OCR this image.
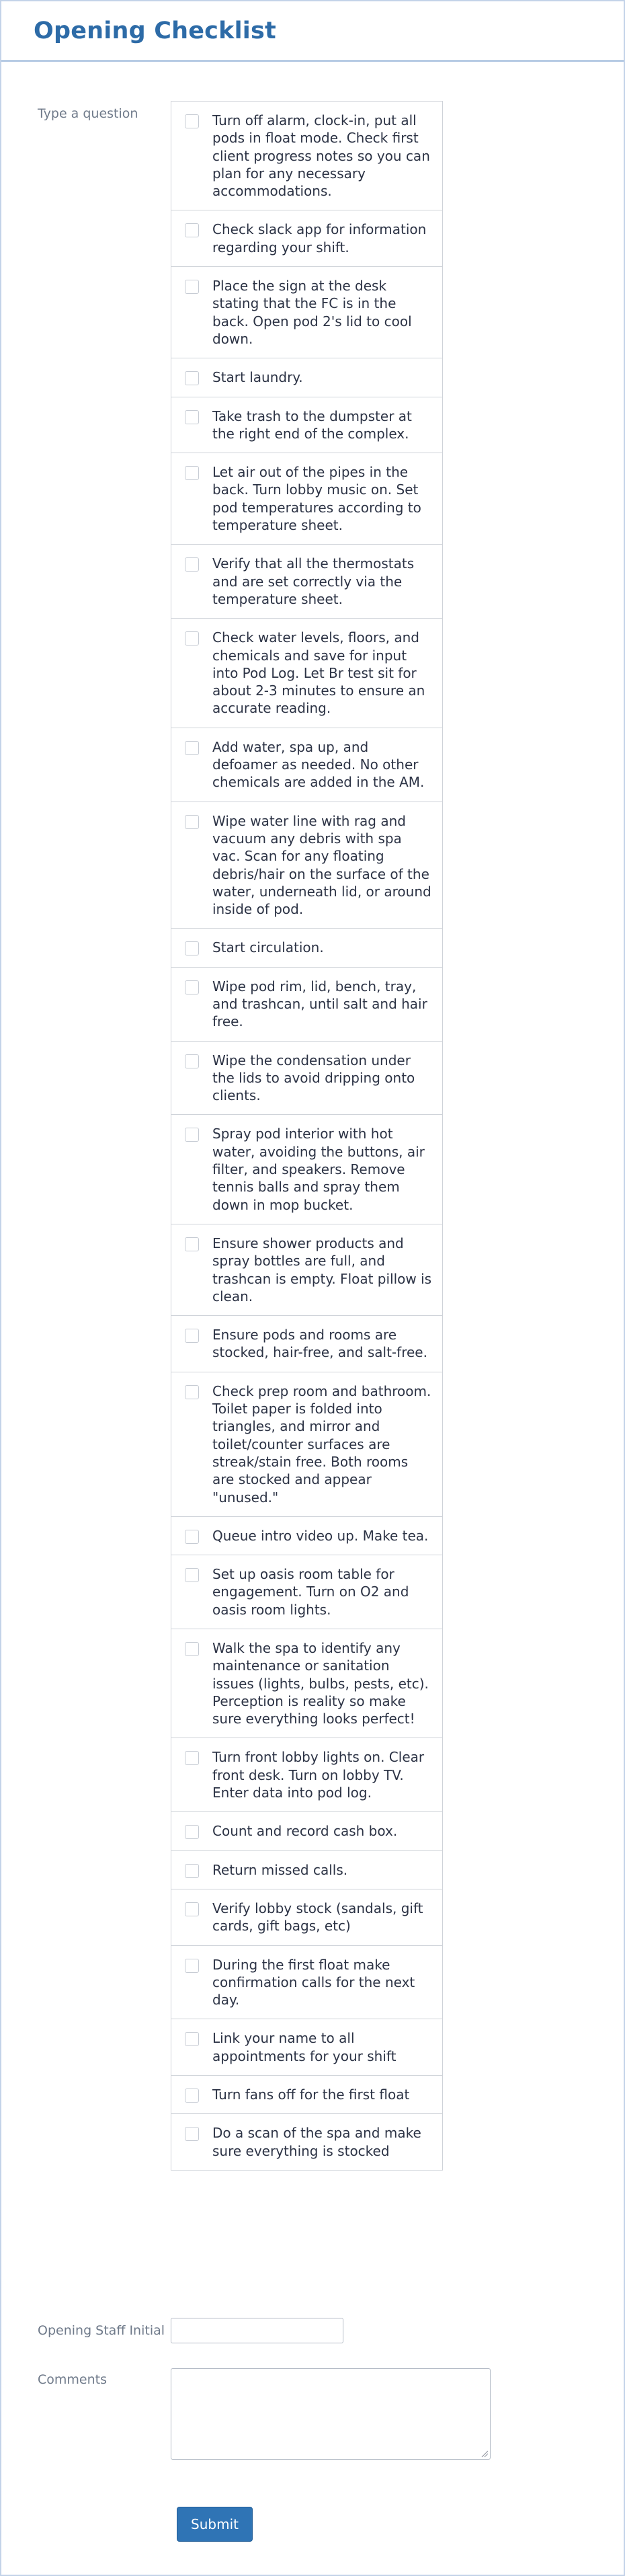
Opening Checklist
Type a question	Turn off alarm, clock-in, put all pods in float mode. Check first client progress notes so you can plan for any necessary accommodations.
Check slack app for information regarding your shift.
Place the sign at the desk stating that the FC is in the back. Open pod 2's lid to cool down.
Start laundry.
Take trash to the dumpster at the right end of the complex.
Let air out of the pipes in the back. Turn lobby music on. Set pod temperatures according to temperature sheet.
Verify that all the thermostats and are set correctly via the temperature sheet.
Check water levels, floors, and chemicals and save for input into Pod Log. Let Br test sit for about 2-3 minutes to ensure an accurate reading.
Add water, spa up, and defoamer as needed. No other chemicals are added in the AM.
Wipe water line with rag and vacuum any debris with spa vac. Scan for any floating debris/hair on the surface of the water, underneath lid, or around inside of pod.
Start circulation.
Wipe pod rim, lid, bench, tray, and trashcan, until salt and hair free.
Wipe the condensation under the lids to avoid dripping onto clients.
Spray pod interior with hot water, avoiding the buttons, air filter, and speakers. Remove tennis balls and spray them down in mop bucket.
Ensure shower products and spray bottles are full, and trashcan is empty. Float pillow is clean.
Ensure pods and rooms are stocked, hair-free, and salt-free.
Check prep room and bathroom. Toilet paper is folded into triangles, and mirror and toilet/counter surfaces are streak/stain free. Both rooms are stocked and appear "unused."
Queue intro video up. Make tea.
Set up oasis room table for engagement. Turn on O2 and oasis room lights.
Walk the spa to identify any maintenance or sanitation issues (lights, bulbs, pests, etc). Perception is reality so make sure everything looks perfect!
Turn front lobby lights on. Clear front desk. Turn on lobby TV. Enter data into pod log.
Count and record cash box.
Return missed calls.
Verify lobby stock (sandals, gift cards, gift bags, etc)
During the first float make confirmation calls for the next day.
Link your name to all appointments for your shift
Turn fans off for the first float
Do a scan of the spa and make sure everything is stocked
Opening Staff Initial
Comments
Submit
